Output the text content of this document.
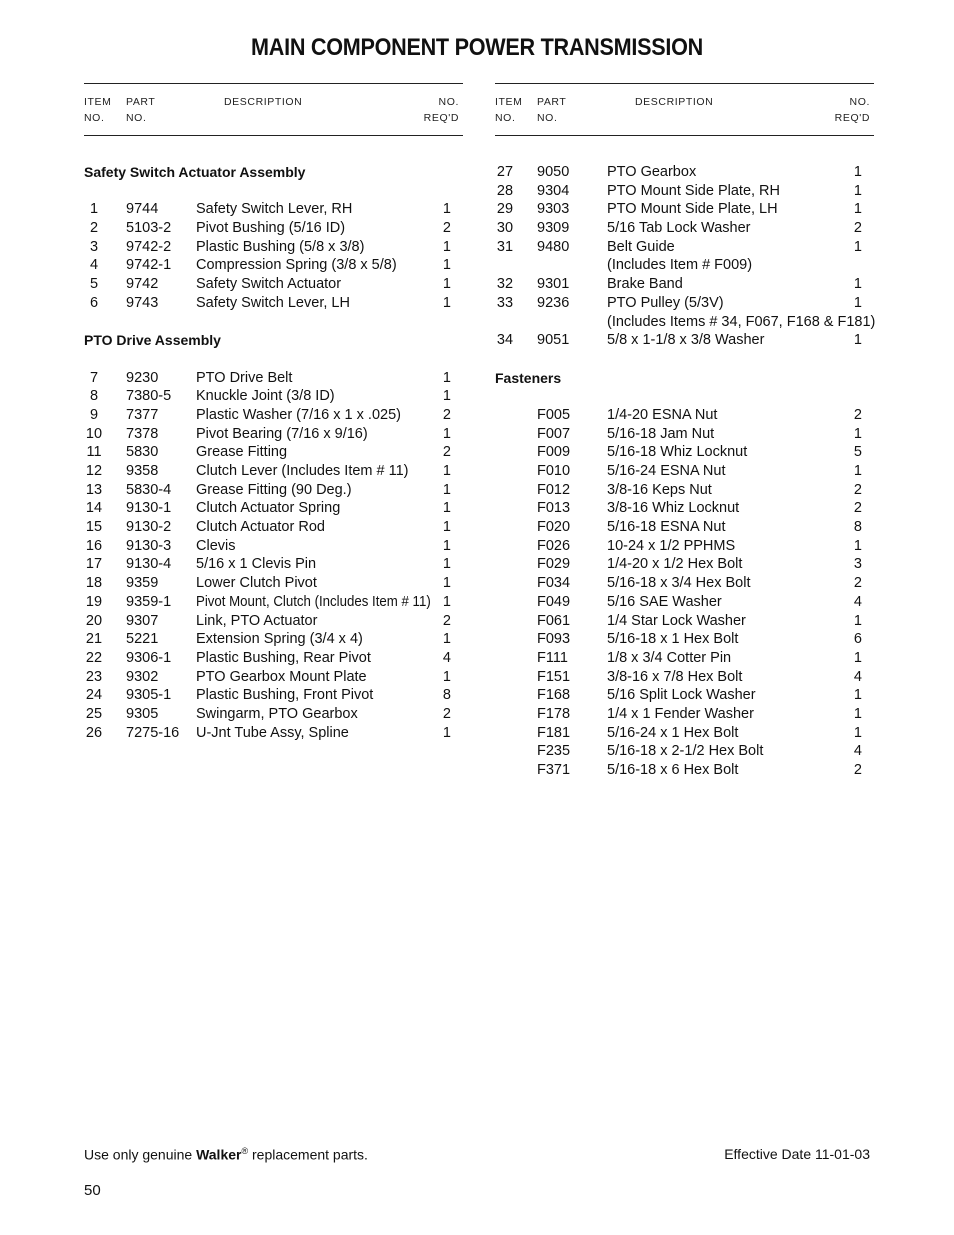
MAIN COMPONENT POWER TRANSMISSION
ITEM
NO.
PART
NO.
DESCRIPTION	NO.
REQ'D
Safety Switch Actuator Assembly
1	9744	Safety Switch Lever, RH	1
2	5103-2 Pivot Bushing (5/16 ID)	2
3	9742-2 Plastic Bushing (5/8 x 3/8)	1
4	9742-1 Compression Spring (3/8 x 5/8)	1
5	9742	Safety Switch Actuator	1
6	9743	Safety Switch Lever, LH	1
PTO Drive Assembly
7	9230	PTO Drive Belt	1
8	7380-5 Knuckle Joint (3/8 ID)	1
9	7377	Plastic Washer (7/16 x 1 x .025)	2
10 7378	Pivot Bearing (7/16 x 9/16)	1
11 5830	Grease Fitting	2
12 9358	Clutch Lever (Includes Item # 11) 1
13 5830-4 Grease Fitting (90 Deg.)	1
14 9130-1 Clutch Actuator Spring	1
15 9130-2 Clutch Actuator Rod	1
16 9130-3 Clevis	1
17 9130-4 5/16 x 1 Clevis Pin	1
18 9359	Lower Clutch Pivot	1
19 9359-1 Pivot Mount, Clutch (Includes Item # 11) 1
20 9307	Link, PTO Actuator	2
21 5221	Extension Spring (3/4 x 4)	1
22 9306-1 Plastic Bushing, Rear Pivot	4
23 9302	PTO Gearbox Mount Plate	1
24 9305-1 Plastic Bushing, Front Pivot	8
25 9305	Swingarm, PTO Gearbox	2
26 7275-16 U-Jnt Tube Assy, Spline	1
ITEM
NO.
PART
NO.
DESCRIPTION	NO.
REQ'D
27 9050	PTO Gearbox	1
28 9304	PTO Mount Side Plate, RH	1
29 9303	PTO Mount Side Plate, LH	1
30 9309	5/16 Tab Lock Washer	2
31 9480	Belt Guide	1
(Includes Item # F009)
32 9301	Brake Band	1
33 9236	PTO Pulley (5/3V)	1
(Includes Items # 34, F067, F168 & F181)
34 9051	5/8 x 1-1/8 x 3/8 Washer	1
Fasteners
F005	1/4-20 ESNA Nut	2
F007	5/16-18 Jam Nut	1
F009	5/16-18 Whiz Locknut	5
F010	5/16-24 ESNA Nut	1
F012	3/8-16 Keps Nut	2
F013	3/8-16 Whiz Locknut	2
F020	5/16-18 ESNA Nut	8
F026	10-24 x 1/2 PPHMS	1
F029	1/4-20 x 1/2 Hex Bolt	3
F034	5/16-18 x 3/4 Hex Bolt	2
F049	5/16 SAE Washer	4
F061	1/4 Star Lock Washer	1
F093	5/16-18 x 1 Hex Bolt	6
F111	1/8 x 3/4 Cotter Pin	1
F151	3/8-16 x 7/8 Hex Bolt	4
F168	5/16 Split Lock Washer	1
F178	1/4 x 1 Fender Washer	1
F181	5/16-24 x 1 Hex Bolt	1
F235	5/16-18 x 2-1/2 Hex Bolt	4
F371	5/16-18 x 6 Hex Bolt	2
Use only genuine Walker® replacement parts.	Effective Date 11-01-03
50
